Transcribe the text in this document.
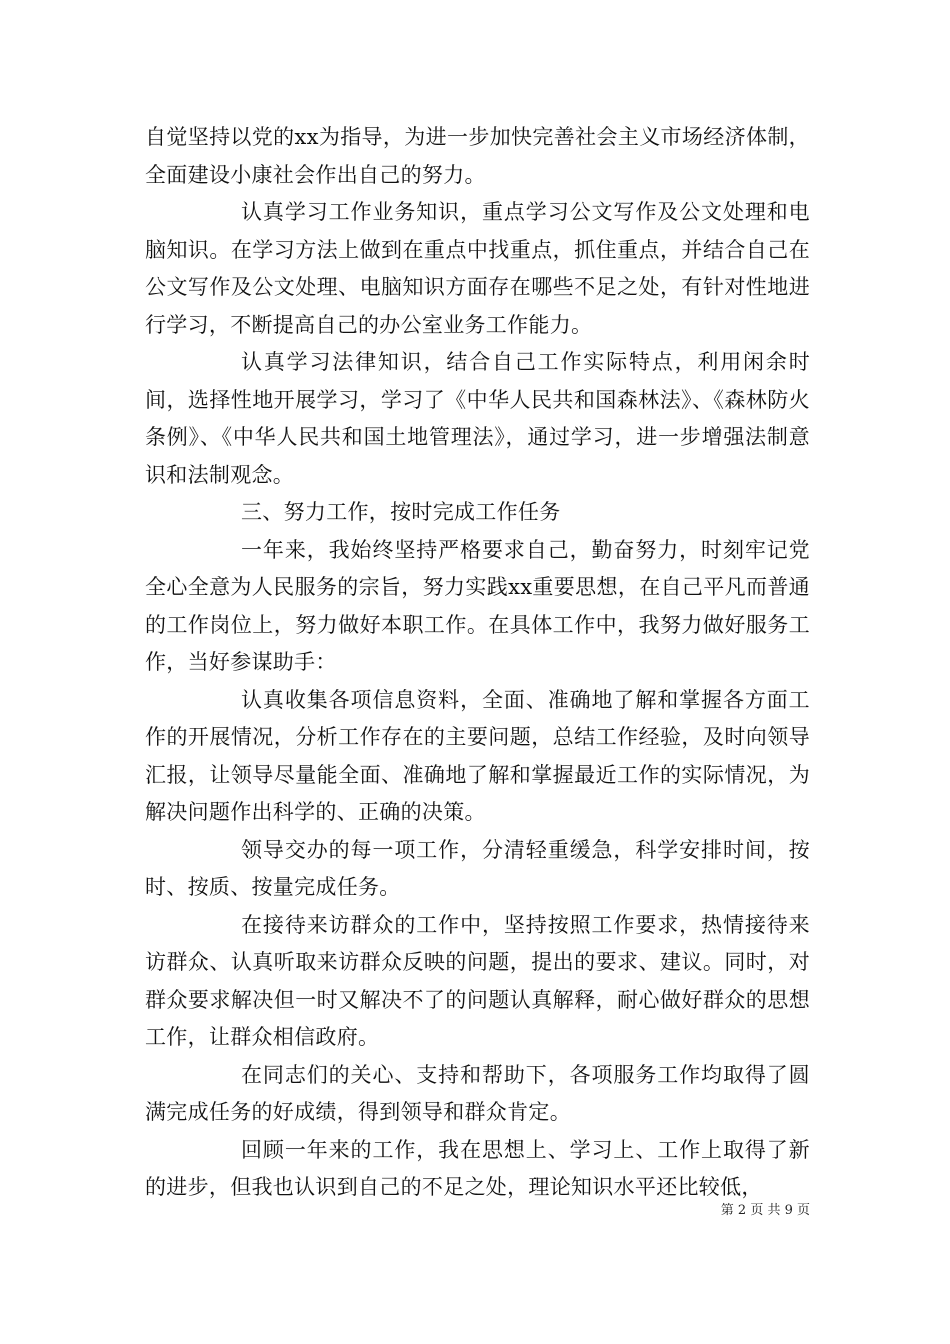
自觉坚持以党的xx为指导，为进一步加快完善社会主义市场经济体制，全面建设小康社会作出自己的努力。

认真学习工作业务知识，重点学习公文写作及公文处理和电脑知识。在学习方法上做到在重点中找重点，抓住重点，并结合自己在公文写作及公文处理、电脑知识方面存在哪些不足之处，有针对性地进行学习，不断提高自己的办公室业务工作能力。

认真学习法律知识，结合自己工作实际特点，利用闲余时间，选择性地开展学习，学习了《中华人民共和国森林法》、《森林防火条例》、《中华人民共和国土地管理法》，通过学习，进一步增强法制意识和法制观念。

三、努力工作，按时完成工作任务

一年来，我始终坚持严格要求自己，勤奋努力，时刻牢记党全心全意为人民服务的宗旨，努力实践xx重要思想，在自己平凡而普通的工作岗位上，努力做好本职工作。在具体工作中，我努力做好服务工作，当好参谋助手：

认真收集各项信息资料，全面、准确地了解和掌握各方面工作的开展情况，分析工作存在的主要问题，总结工作经验，及时向领导汇报，让领导尽量能全面、准确地了解和掌握最近工作的实际情况，为解决问题作出科学的、正确的决策。

领导交办的每一项工作，分清轻重缓急，科学安排时间，按时、按质、按量完成任务。

在接待来访群众的工作中，坚持按照工作要求，热情接待来访群众、认真听取来访群众反映的问题，提出的要求、建议。同时，对群众要求解决但一时又解决不了的问题认真解释，耐心做好群众的思想工作，让群众相信政府。

在同志们的关心、支持和帮助下，各项服务工作均取得了圆满完成任务的好成绩，得到领导和群众肯定。

回顾一年来的工作，我在思想上、学习上、工作上取得了新的进步，但我也认识到自己的不足之处，理论知识水平还比较低，

第 2 页 共 9 页
